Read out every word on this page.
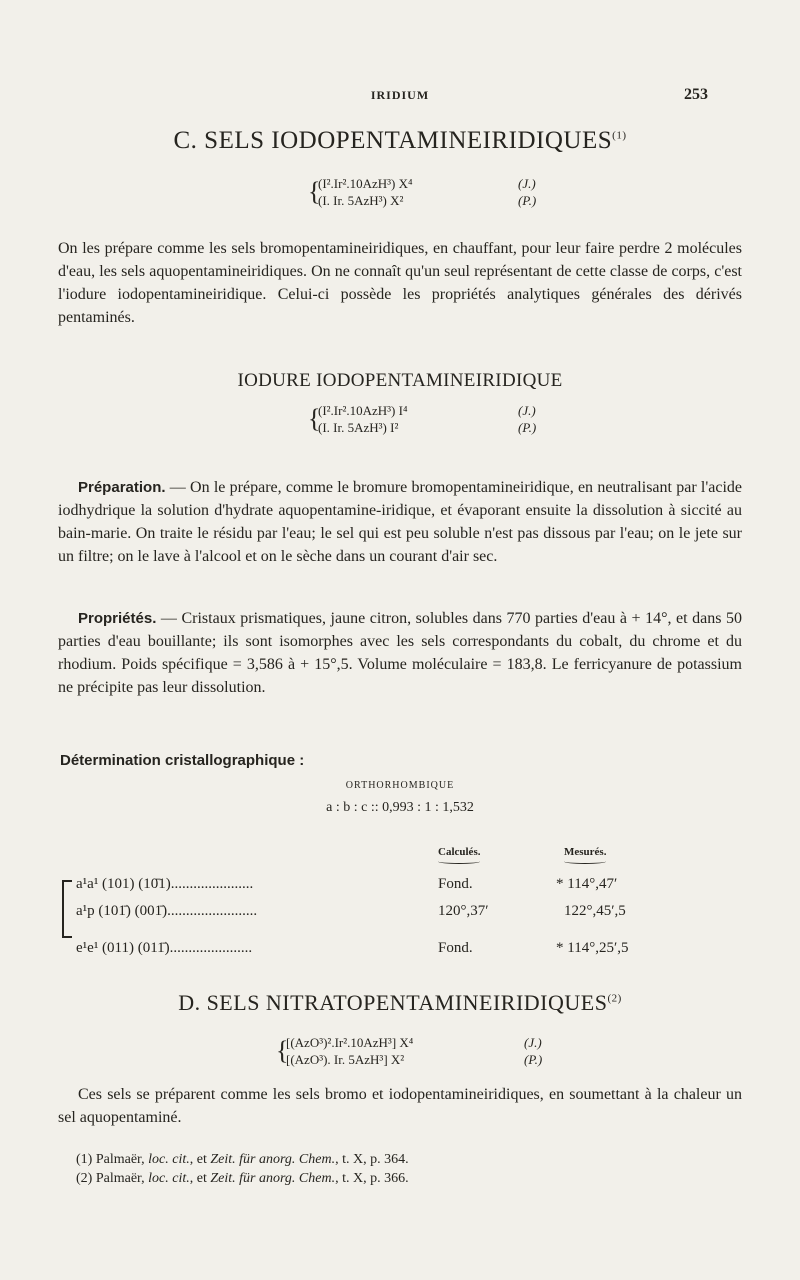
IRIDIUM	253
C. SELS IODOPENTAMINEIRIDIQUES$^{(1)}$
{
(I².Ir².10AzH³) X⁴	(J.)
(I. Ir. 5AzH³) X²	(P.)
On les prépare comme les sels bromopentamineiridiques, en chauffant, pour leur faire perdre 2 molécules d'eau, les sels aquopentamineiridiques. On ne connaît qu'un seul représentant de cette classe de corps, c'est l'iodure iodopentamineiridique. Celui-ci possède les propriétés analytiques générales des dérivés pentaminés.
IODURE IODOPENTAMINEIRIDIQUE
{
(I².Ir².10AzH³) I⁴	(J.)
(I. Ir. 5AzH³) I²	(P.)
Préparation. — On le prépare, comme le bromure bromopentamineiridique, en neutralisant par l'acide iodhydrique la solution d'hydrate aquopentamine-iridique, et évaporant ensuite la dissolution à siccité au bain-marie. On traite le résidu par l'eau; le sel qui est peu soluble n'est pas dissous par l'eau; on le jete sur un filtre; on le lave à l'alcool et on le sèche dans un courant d'air sec.
Propriétés. — Cristaux prismatiques, jaune citron, solubles dans 770 parties d'eau à + 14°, et dans 50 parties d'eau bouillante; ils sont isomorphes avec les sels correspondants du cobalt, du chrome et du rhodium. Poids spécifique = 3,586 à + 15°,5. Volume moléculaire = 183,8. Le ferricyanure de potassium ne précipite pas leur dissolution.
Détermination cristallographique :
ORTHORHOMBIQUE
a : b : c :: 0,993 : 1 : 1,532
Calculés.	Mesurés.
a¹a¹ (101) (10̄1)......................	Fond.	* 114°,47′
a¹p (101̄) (001̄)........................	120°,37′	122°,45′,5
e¹e¹ (011) (011̄)......................	Fond.	* 114°,25′,5
D. SELS NITRATOPENTAMINEIRIDIQUES$^{(2)}$
{
[(AzO³)².Ir².10AzH³] X⁴	(J.)
[(AzO³). Ir. 5AzH³] X²	(P.)
Ces sels se préparent comme les sels bromo et iodopentamineiridiques, en soumettant à la chaleur un sel aquopentaminé.
(1) Palmaër, loc. cit., et Zeit. für anorg. Chem., t. X, p. 364.
(2) Palmaër, loc. cit., et Zeit. für anorg. Chem., t. X, p. 366.
